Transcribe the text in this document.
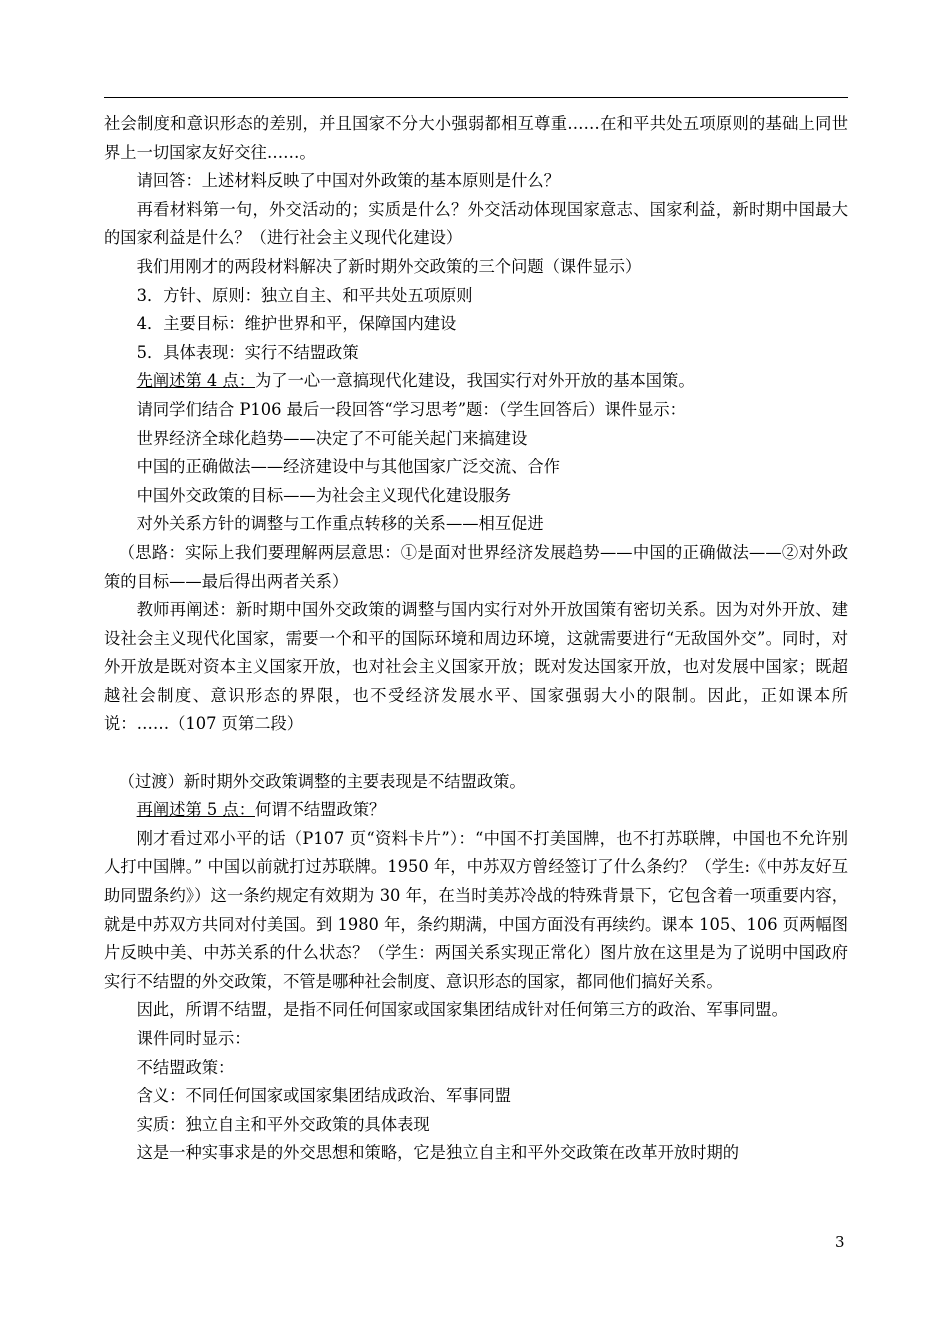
社会制度和意识形态的差别，并且国家不分大小强弱都相互尊重……在和平共处五项原则的基础上同世界上一切国家友好交往……。
请回答：上述材料反映了中国对外政策的基本原则是什么？
再看材料第一句，外交活动的；实质是什么？外交活动体现国家意志、国家利益，新时期中国最大的国家利益是什么？（进行社会主义现代化建设）
我们用刚才的两段材料解决了新时期外交政策的三个问题（课件显示）
3．方针、原则：独立自主、和平共处五项原则
4．主要目标：维护世界和平，保障国内建设
5．具体表现：实行不结盟政策
先阐述第 4 点：为了一心一意搞现代化建设，我国实行对外开放的基本国策。
请同学们结合 P106 最后一段回答“学习思考”题：（学生回答后）课件显示：
世界经济全球化趋势——决定了不可能关起门来搞建设
中国的正确做法——经济建设中与其他国家广泛交流、合作
中国外交政策的目标——为社会主义现代化建设服务
对外关系方针的调整与工作重点转移的关系——相互促进
（思路：实际上我们要理解两层意思：①是面对世界经济发展趋势——中国的正确做法——②对外政策的目标——最后得出两者关系）
教师再阐述：新时期中国外交政策的调整与国内实行对外开放国策有密切关系。因为对外开放、建设社会主义现代化国家，需要一个和平的国际环境和周边环境，这就需要进行“无敌国外交”。同时，对外开放是既对资本主义国家开放，也对社会主义国家开放；既对发达国家开放，也对发展中国家；既超越社会制度、意识形态的界限，也不受经济发展水平、国家强弱大小的限制。因此，正如课本所说：……（107 页第二段）
（过渡）新时期外交政策调整的主要表现是不结盟政策。
再阐述第 5 点：何谓不结盟政策？
刚才看过邓小平的话（P107 页“资料卡片”）：“中国不打美国牌，也不打苏联牌，中国也不允许别人打中国牌。” 中国以前就打过苏联牌。1950 年，中苏双方曾经签订了什么条约？（学生:《中苏友好互助同盟条约》）这一条约规定有效期为 30 年，在当时美苏冷战的特殊背景下，它包含着一项重要内容，就是中苏双方共同对付美国。到 1980 年，条约期满，中国方面没有再续约。课本 105、106 页两幅图片反映中美、中苏关系的什么状态？（学生：两国关系实现正常化）图片放在这里是为了说明中国政府实行不结盟的外交政策，不管是哪种社会制度、意识形态的国家，都同他们搞好关系。
因此，所谓不结盟，是指不同任何国家或国家集团结成针对任何第三方的政治、军事同盟。
课件同时显示：
不结盟政策：
含义：不同任何国家或国家集团结成政治、军事同盟
实质：独立自主和平外交政策的具体表现
这是一种实事求是的外交思想和策略，它是独立自主和平外交政策在改革开放时期的
3
